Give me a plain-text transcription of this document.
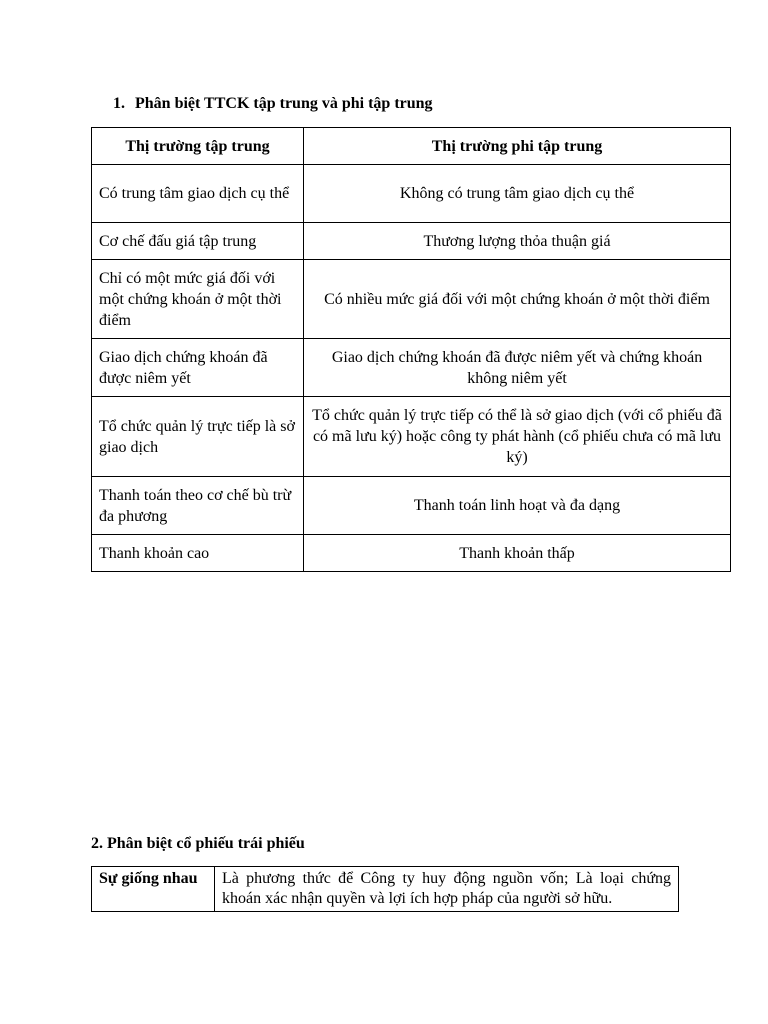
1. Phân biệt TTCK tập trung và phi tập trung
Thị trường tập trung	Thị trường phi tập trung
Có trung tâm giao dịch cụ thể	Không có trung tâm giao dịch cụ thể
Cơ chế đấu giá tập trung	Thương lượng thỏa thuận giá
Chỉ có một mức giá đối với một chứng khoán ở một thời điểm	Có nhiều mức giá đối với một chứng khoán ở một thời điểm
Giao dịch chứng khoán đã được niêm yết	Giao dịch chứng khoán đã được niêm yết và chứng khoán không niêm yết
Tổ chức quản lý trực tiếp là sở giao dịch	Tổ chức quản lý trực tiếp có thể là sở giao dịch (với cổ phiếu đã có mã lưu ký) hoặc công ty phát hành (cổ phiếu chưa có mã lưu ký)
Thanh toán theo cơ chế bù trừ đa phương	Thanh toán linh hoạt và đa dạng
Thanh khoản cao	Thanh khoản thấp
2. Phân biệt cổ phiếu trái phiếu
Sự giống nhau	Là phương thức để Công ty huy động nguồn vốn; Là loại chứng khoán xác nhận quyền và lợi ích hợp pháp của người sở hữu.
